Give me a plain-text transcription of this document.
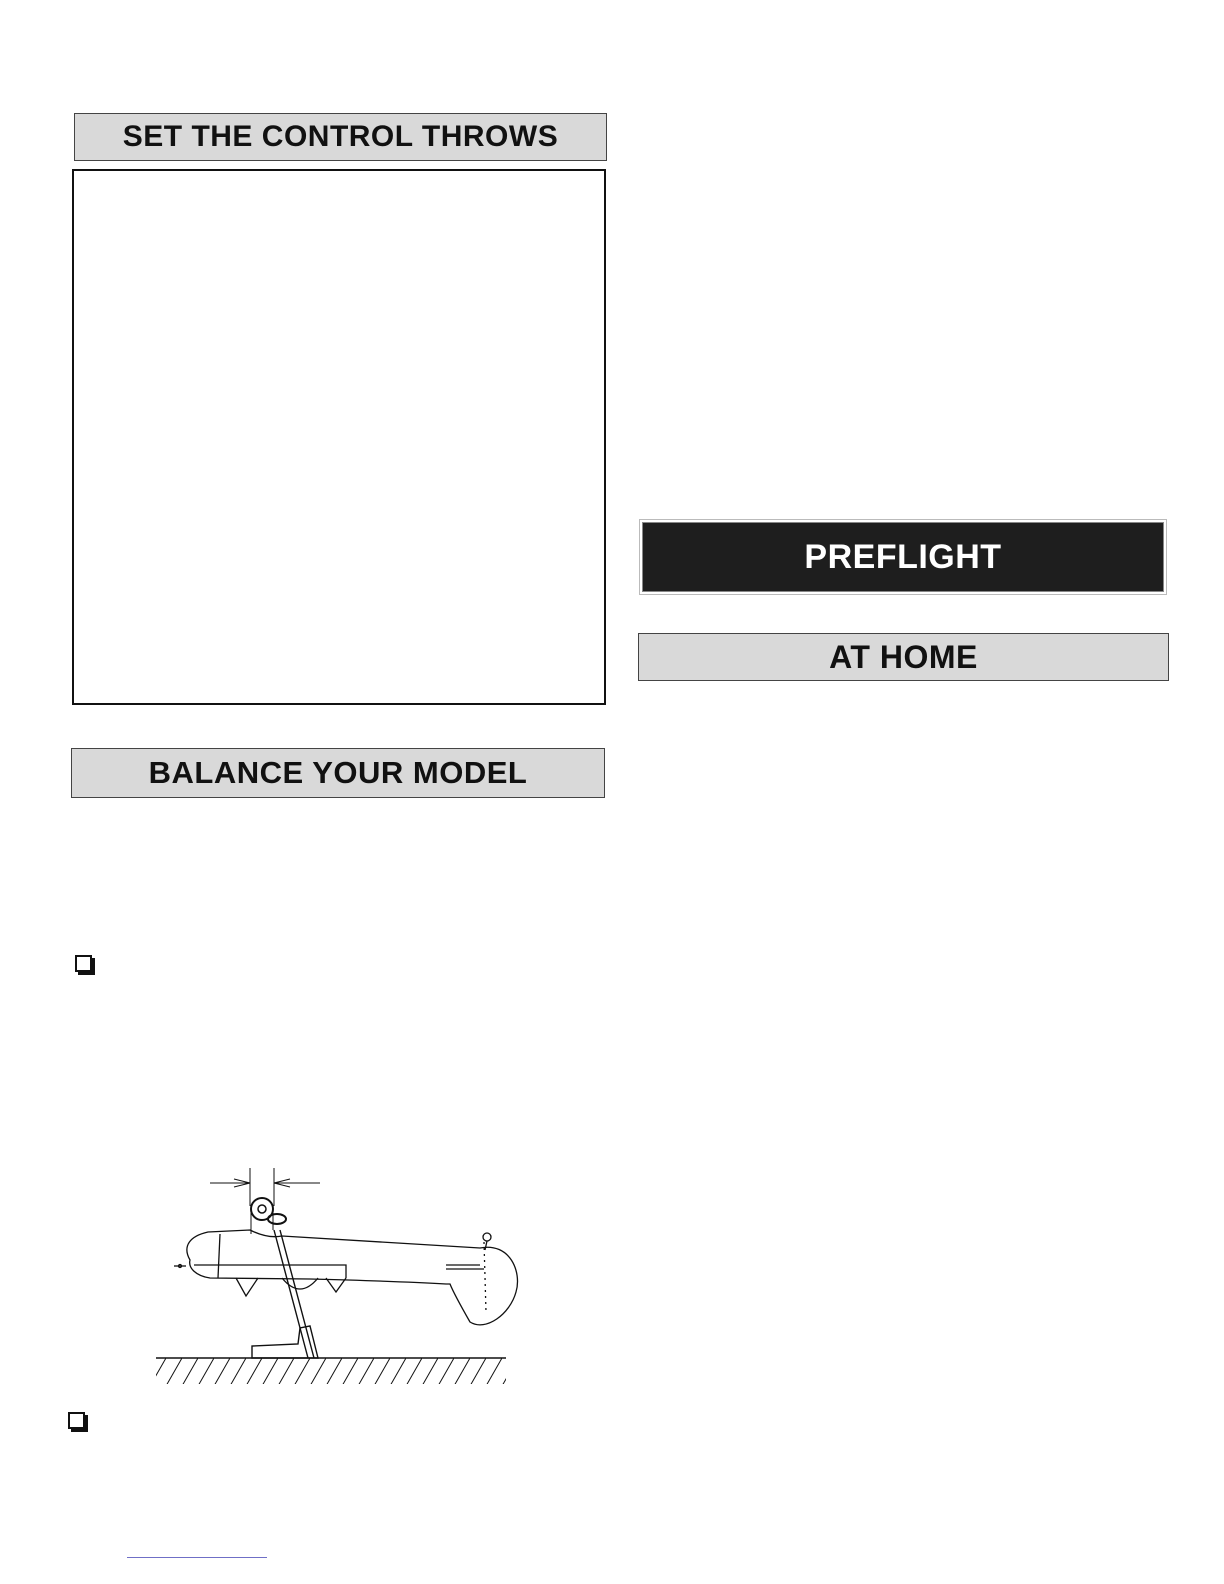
SET THE CONTROL THROWS
BALANCE YOUR MODEL
PREFLIGHT
AT HOME
